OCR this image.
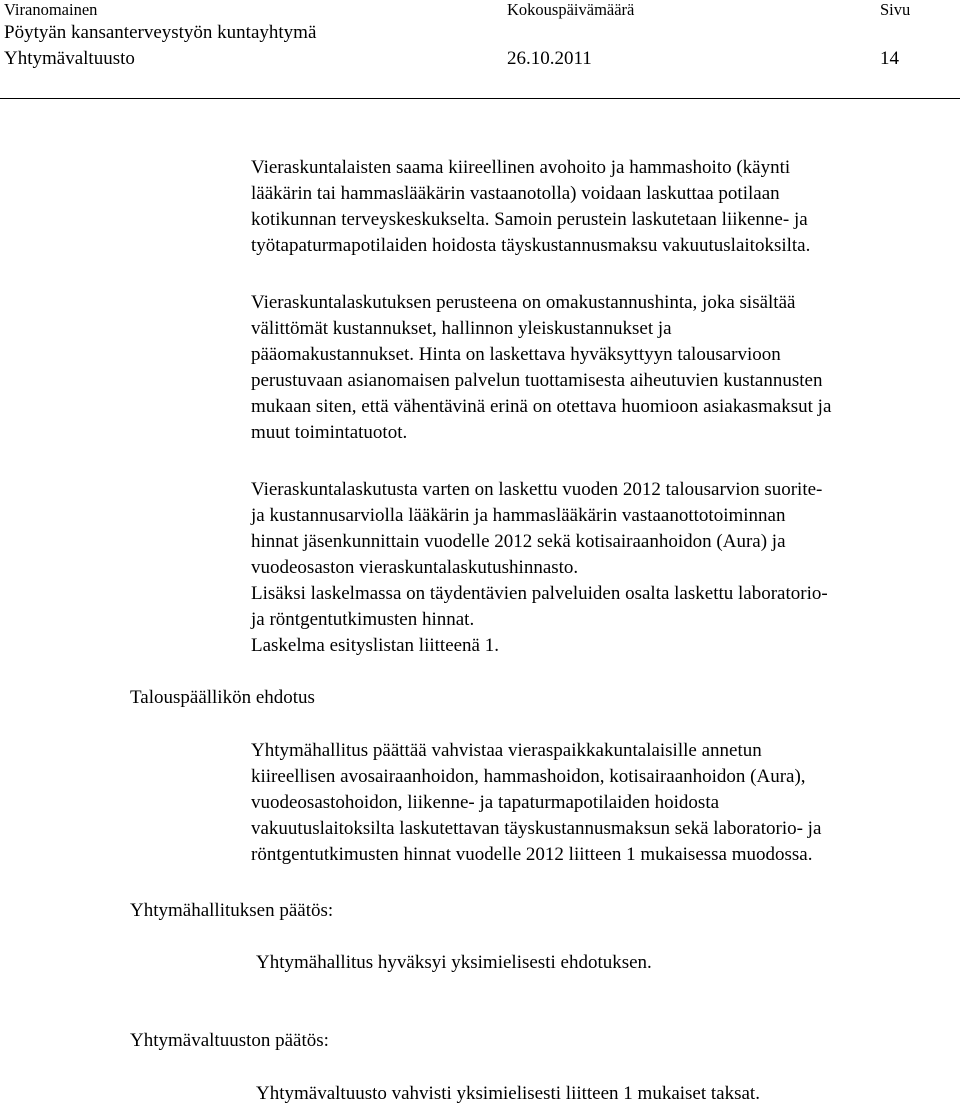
Viranomainen	Kokouspäivämäärä	Sivu
Pöytyän kansanterveystyön kuntayhtymä
Yhtymävaltuusto	26.10.2011	14

Vieraskuntalaisten saama kiireellinen avohoito ja hammashoito (käynti

lääkärin tai hammaslääkärin vastaanotolla) voidaan laskuttaa potilaan

kotikunnan terveyskeskukselta. Samoin perustein laskutetaan liikenne- ja

työtapaturmapotilaiden hoidosta täyskustannusmaksu vakuutuslaitoksilta.

Vieraskuntalaskutuksen perusteena on omakustannushinta, joka sisältää

välittömät kustannukset, hallinnon yleiskustannukset ja

pääomakustannukset. Hinta on laskettava hyväksyttyyn talousarvioon

perustuvaan asianomaisen palvelun tuottamisesta aiheutuvien kustannusten

mukaan siten, että vähentävinä erinä on otettava huomioon asiakasmaksut ja

muut toimintatuotot.

Vieraskuntalaskutusta varten on laskettu vuoden 2012 talousarvion suorite-

ja kustannusarviolla lääkärin ja hammaslääkärin vastaanottotoiminnan

hinnat jäsenkunnittain vuodelle 2012 sekä kotisairaanhoidon (Aura) ja

vuodeosaston vieraskuntalaskutushinnasto.

Lisäksi laskelmassa on täydentävien palveluiden osalta laskettu laboratorio-

ja röntgentutkimusten hinnat.

Laskelma esityslistan liitteenä 1.

Talouspäällikön ehdotus

Yhtymähallitus päättää vahvistaa vieraspaikkakuntalaisille annetun

kiireellisen avosairaanhoidon, hammashoidon, kotisairaanhoidon (Aura),

vuodeosastohoidon, liikenne- ja tapaturmapotilaiden hoidosta

vakuutuslaitoksilta laskutettavan täyskustannusmaksun sekä laboratorio- ja

röntgentutkimusten hinnat vuodelle 2012 liitteen 1 mukaisessa muodossa.

Yhtymähallituksen päätös:

Yhtymähallitus hyväksyi yksimielisesti ehdotuksen.

Yhtymävaltuuston päätös:

Yhtymävaltuusto vahvisti yksimielisesti liitteen 1 mukaiset taksat.
